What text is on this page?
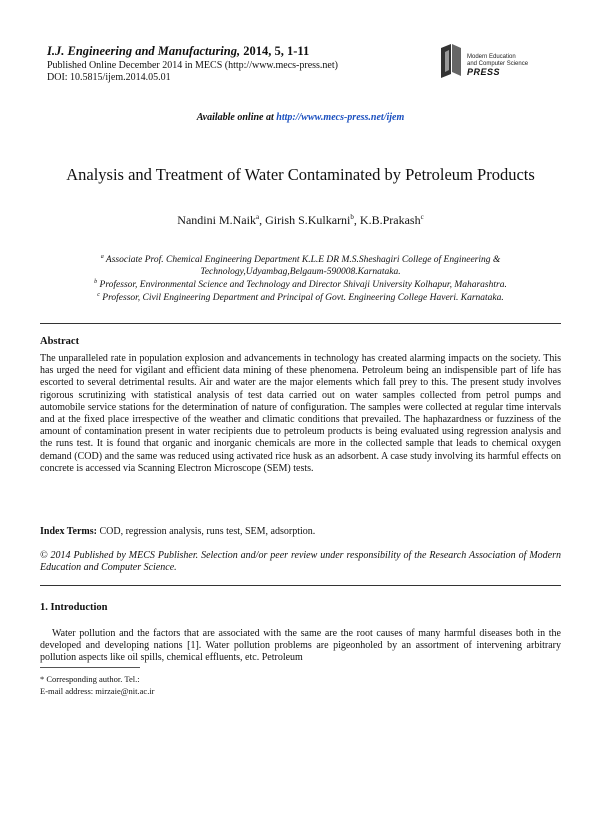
I.J. Engineering and Manufacturing, 2014, 5, 1-11
Published Online December 2014 in MECS (http://www.mecs-press.net)
DOI: 10.5815/ijem.2014.05.01
Modern Education
and Computer Science
PRESS
Available online at http://www.mecs-press.net/ijem
Analysis and Treatment of Water Contaminated by Petroleum Products
Nandini M.Naik$^a$, Girish S.Kulkarni$^b$, K.B.Prakash$^c$
$^a$ Associate Prof. Chemical Engineering Department K.L.E DR M.S.Sheshagiri College of Engineering & Technology,Udyambag,Belgaum-590008.Karnataka.
$^b$ Professor, Environmental Science and Technology and Director Shivaji University Kolhapur, Maharashtra.
$^c$ Professor, Civil Engineering Department and Principal of Govt. Engineering College Haveri. Karnataka.
Abstract
The unparalleled rate in population explosion and advancements in technology has created alarming impacts on the society. This has urged the need for vigilant and efficient data mining of these phenomena. Petroleum being an indispensible part of life has escorted to several detrimental results. Air and water are the major elements which fall prey to this. The present study involves rigorous scrutinizing with statistical analysis of test data carried out on water samples collected from petrol pumps and automobile service stations for the determination of nature of configuration. The samples were collected at regular time intervals and at the fixed place irrespective of the weather and climatic conditions that prevailed. The haphazardness or fuzziness of the amount of contamination present in water recipients due to petroleum products is being evaluated using regression analysis and the runs test. It is found that organic and inorganic chemicals are more in the collected sample that leads to chemical oxygen demand (COD) and the same was reduced using activated rice husk as an adsorbent. A case study involving its harmful effects on concrete is accessed via Scanning Electron Microscope (SEM) tests.
Index Terms: COD, regression analysis, runs test, SEM, adsorption.
© 2014 Published by MECS Publisher. Selection and/or peer review under responsibility of the Research Association of Modern Education and Computer Science.
1. Introduction
Water pollution and the factors that are associated with the same are the root causes of many harmful diseases both in the developed and developing nations [1]. Water pollution problems are pigeonholed by an assortment of intervening arbitrary pollution aspects like oil spills, chemical effluents, etc. Petroleum
* Corresponding author. Tel.:
E-mail address: mirzaie@nit.ac.ir
